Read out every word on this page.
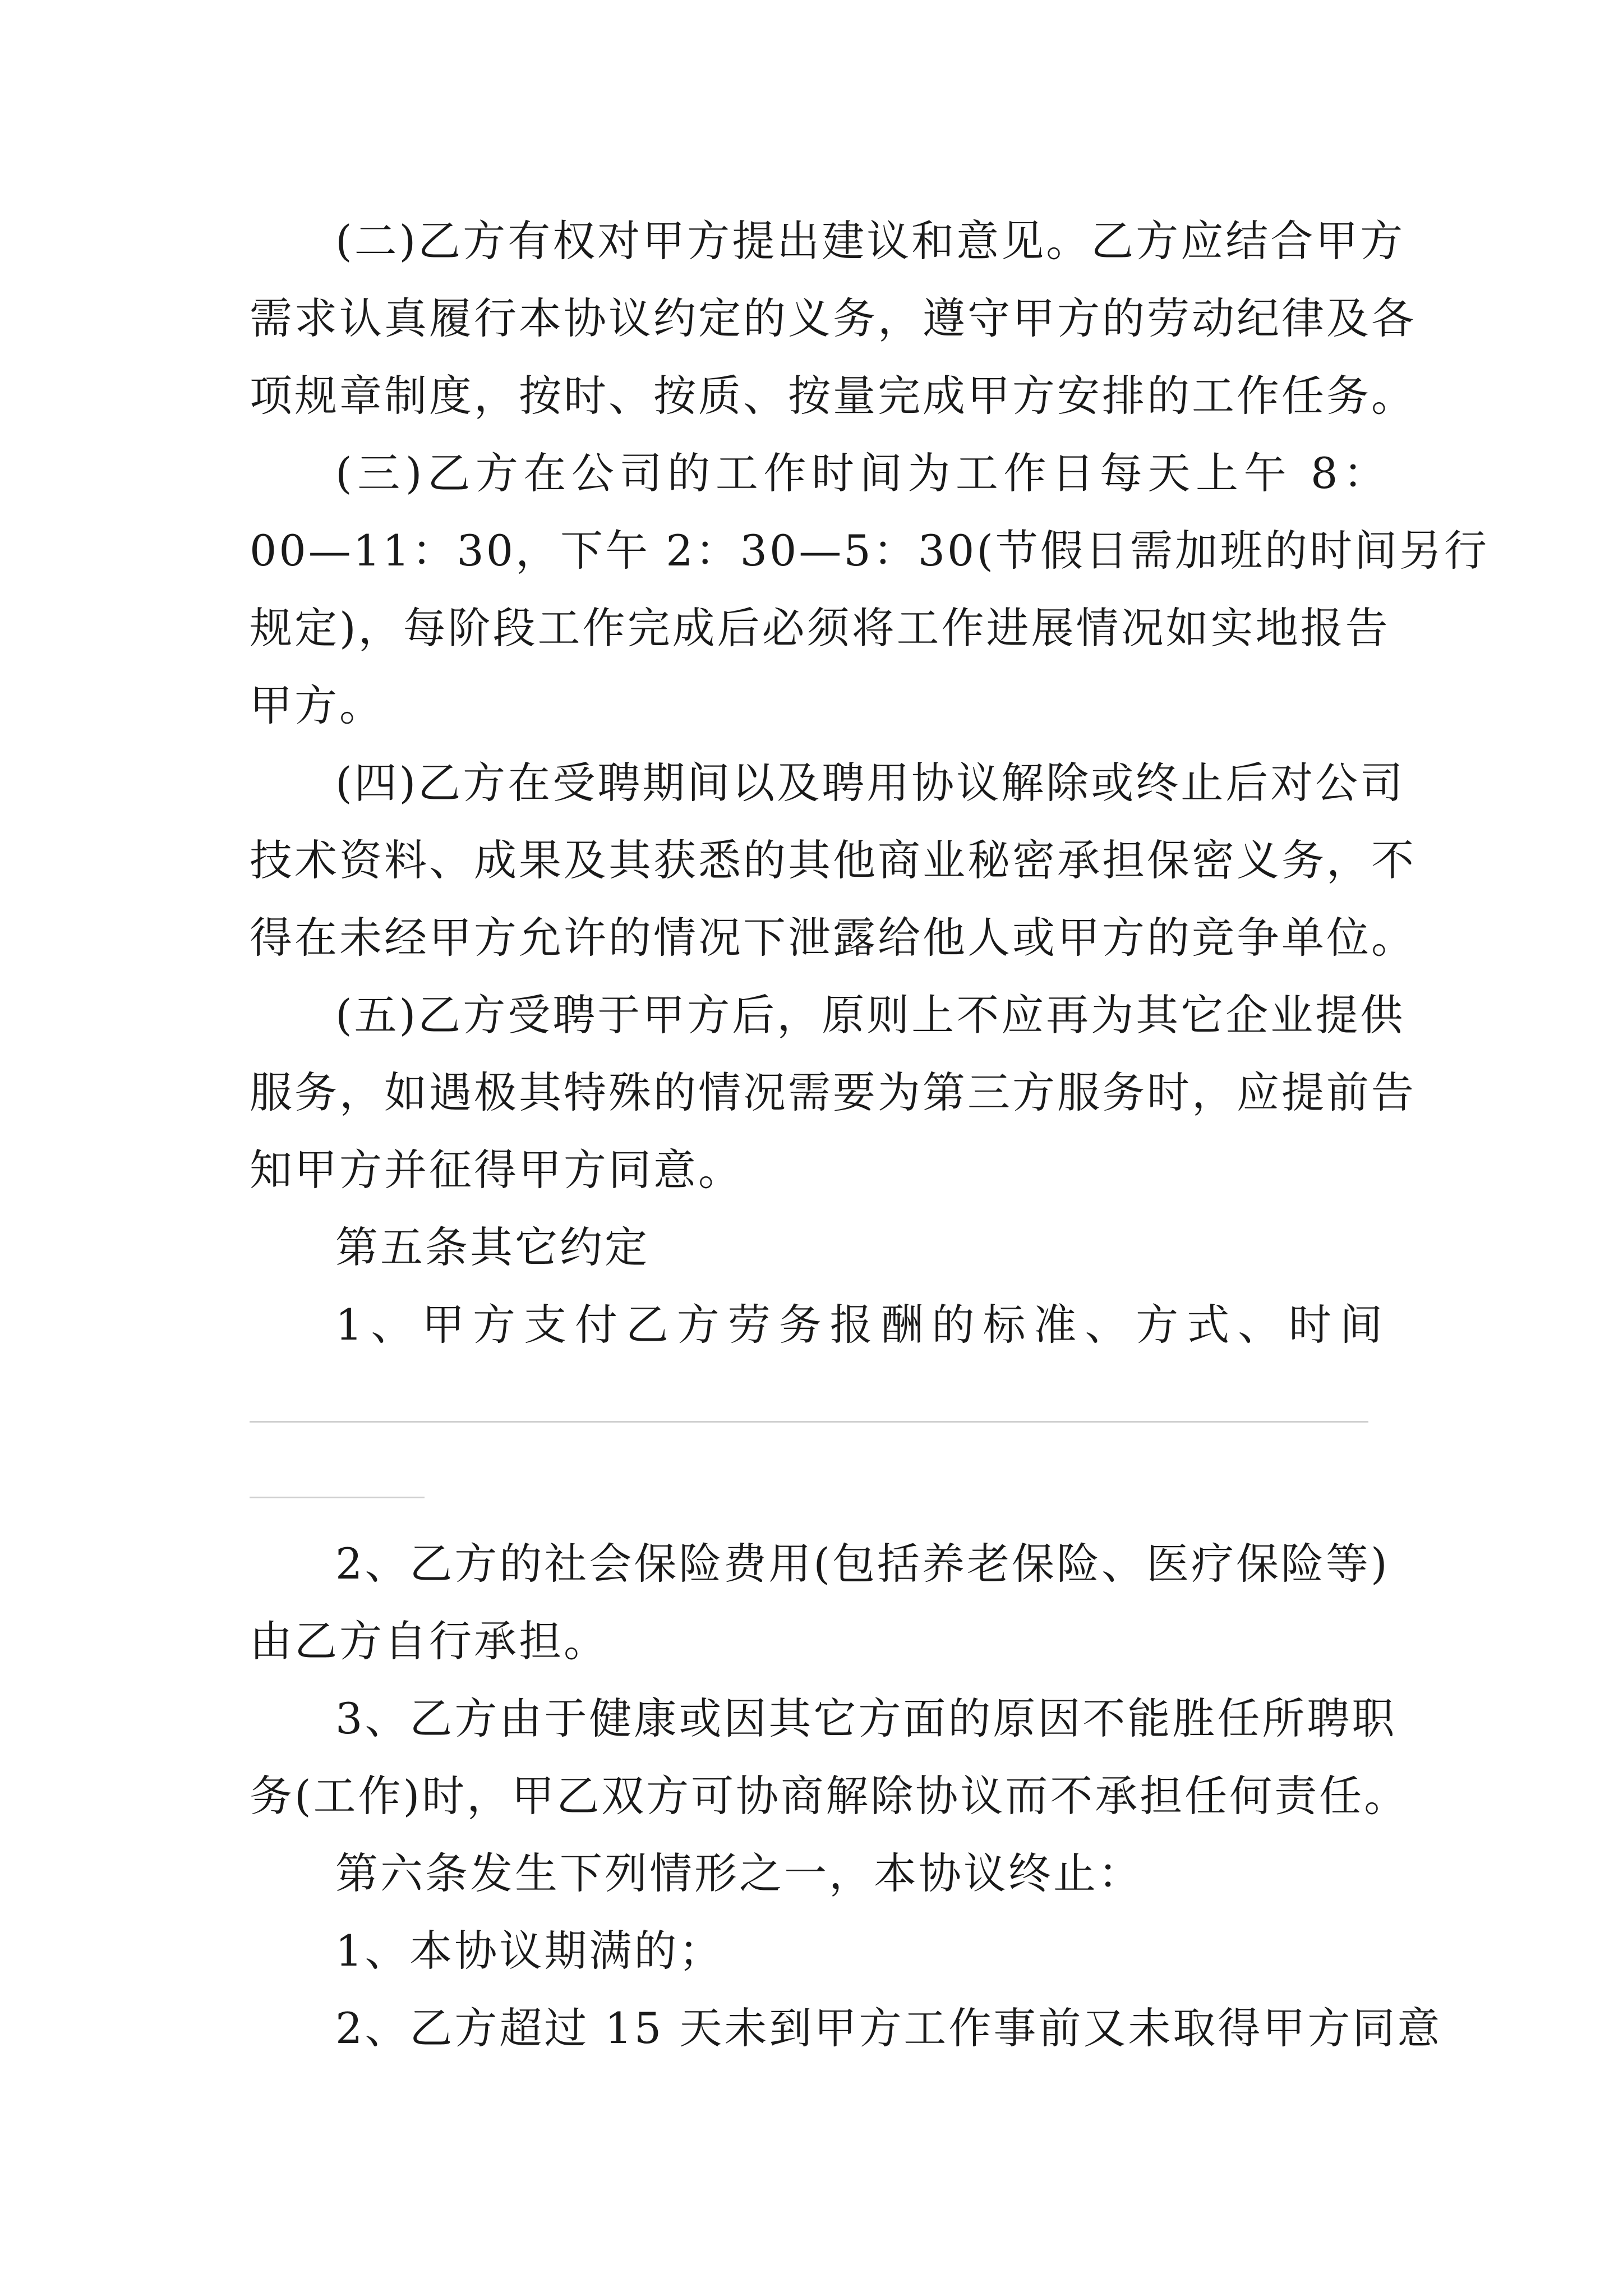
(二)乙方有权对甲方提出建议和意见。乙方应结合甲方

需求认真履行本协议约定的义务，遵守甲方的劳动纪律及各

项规章制度，按时、按质、按量完成甲方安排的工作任务。

(三)乙方在公司的工作时间为工作日每天上午 8：

00—11：30，下午 2：30—5：30(节假日需加班的时间另行

规定)，每阶段工作完成后必须将工作进展情况如实地报告

甲方。

(四)乙方在受聘期间以及聘用协议解除或终止后对公司

技术资料、成果及其获悉的其他商业秘密承担保密义务，不

得在未经甲方允许的情况下泄露给他人或甲方的竞争单位。

(五)乙方受聘于甲方后，原则上不应再为其它企业提供

服务，如遇极其特殊的情况需要为第三方服务时，应提前告

知甲方并征得甲方同意。

第五条其它约定

1、甲方支付乙方劳务报酬的标准、方式、时间

2、乙方的社会保险费用(包括养老保险、医疗保险等)

由乙方自行承担。

3、乙方由于健康或因其它方面的原因不能胜任所聘职

务(工作)时，甲乙双方可协商解除协议而不承担任何责任。

第六条发生下列情形之一，本协议终止：

1、本协议期满的；

2、乙方超过 15 天未到甲方工作事前又未取得甲方同意
